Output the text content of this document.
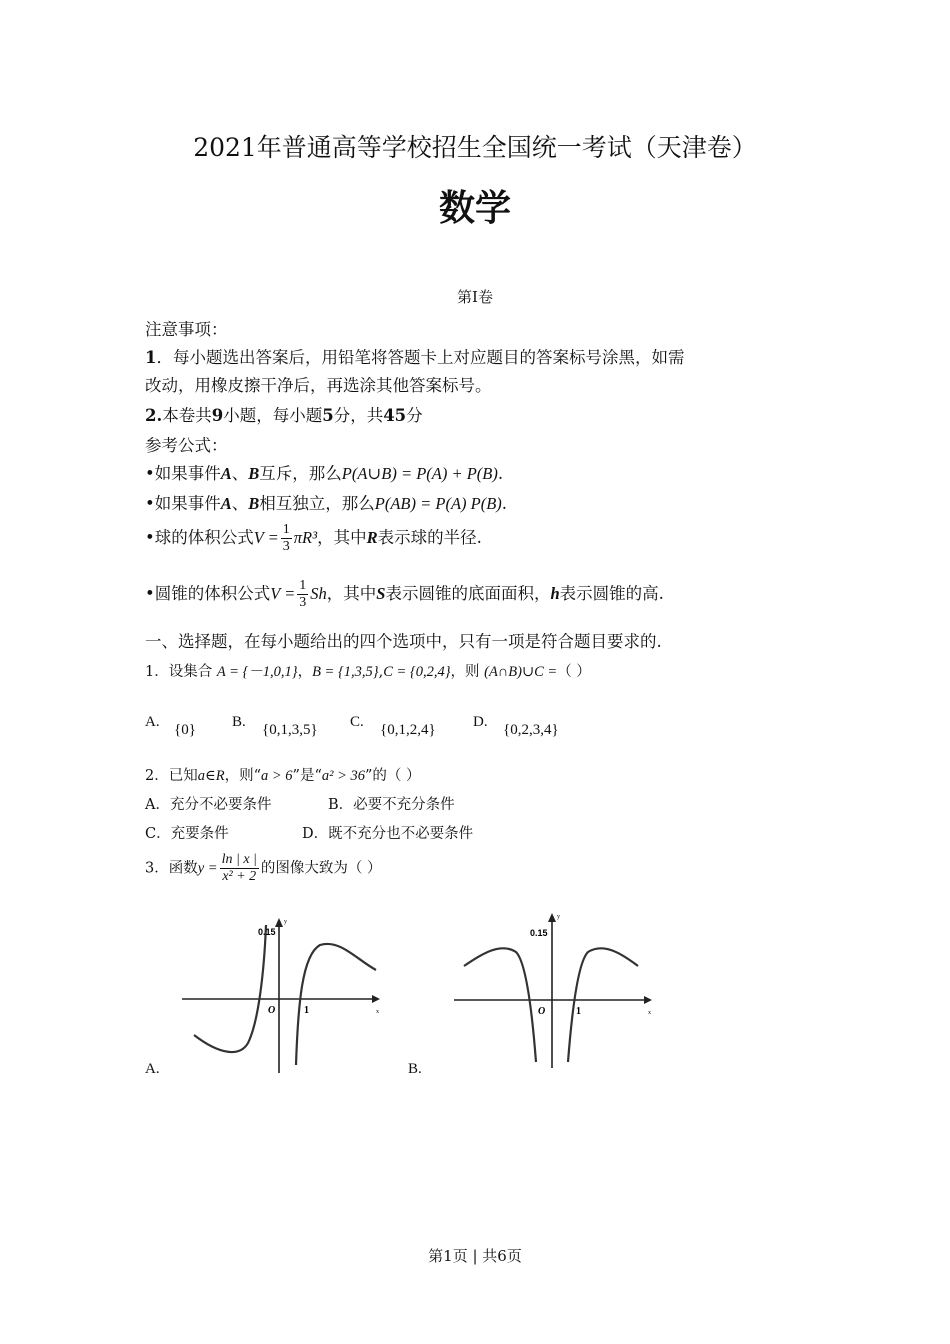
2021年普通高等学校招生全国统一考试（天津卷）
数学
第I卷
注意事项：
1．每小题选出答案后，用铅笔将答题卡上对应题目的答案标号涂黑，如需
改动，用橡皮擦干净后，再选涂其他答案标号。
2.本卷共9小题，每小题5分，共45分
参考公式：
•如果事件A、B互斥，那么P(A∪B) = P(A) + P(B).
•如果事件A、B相互独立，那么P(AB) = P(A) P(B).
•球的体积公式$V = \frac{1}{3} \pi R^3$，其中R表示球的半径.
•圆锥的体积公式$V = \frac{1}{3}$ Sh，其中S表示圆锥的底面面积，h表示圆锥的高.
一、选择题，在每小题给出的四个选项中，只有一项是符合题目要求的.
1．设集合 A = {－1,0,1}，B = {1,3,5},C = {0,2,4}，则 (A∩B)∪C =（ ）
A. {0} B. {0,1,3,5} C. {0,1,2,4} D. {0,2,3,4}
2．已知a∈R，则“a > 6”是“a² > 36”的（ ）
A．充分不必要条件	B．必要不充分条件
C．充要条件	D．既不充分也不必要条件
3．函数$y = \frac{\ln | x |}{\text{x² + 2}}$ 的图像大致为（ ）
0.15
O	1	x
y
A.
0.15
O	1	x
y
B.
第1页 | 共6页
